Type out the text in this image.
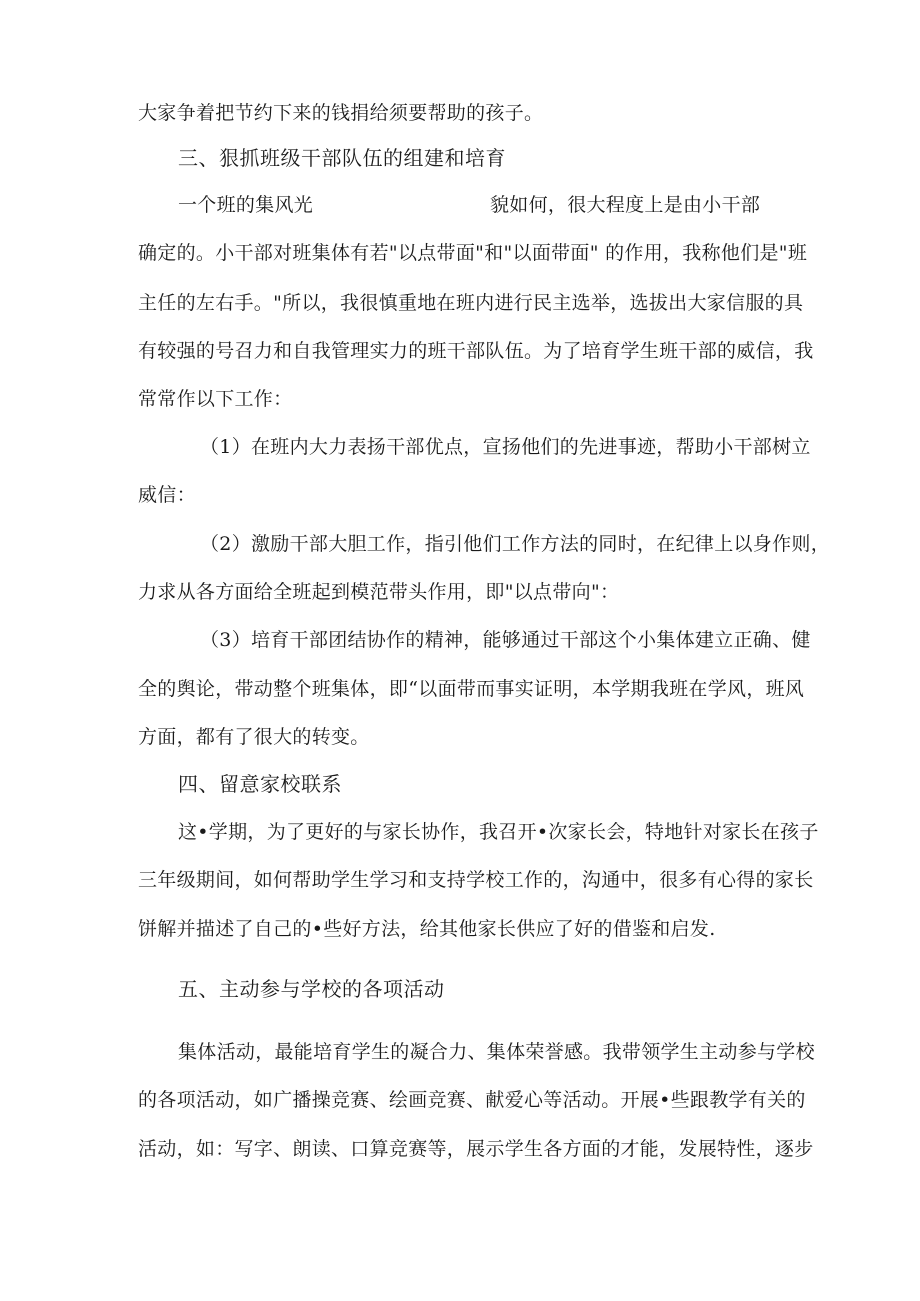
大家争着把节约下来的钱捐给须要帮助的孩子。
三、狠抓班级干部队伍的组建和培育
一个班的集风光	貌如何，很大程度上是由小干部
确定的。小干部对班集体有若"以点带面"和"以面带面" 的作用，我称他们是"班
主任的左右手。"所以，我很慎重地在班内进行民主选举，选拔出大家信服的具
有较强的号召力和自我管理实力的班干部队伍。为了培育学生班干部的威信，我
常常作以下工作：
（1）在班内大力表扬干部优点，宣扬他们的先进事迹，帮助小干部树立
威信：
（2）激励干部大胆工作，指引他们工作方法的同时，在纪律上以身作则，
力求从各方面给全班起到模范带头作用，即"以点带向"：
（3）培育干部团结协作的精神，能够通过干部这个小集体建立正确、健
全的舆论，带动整个班集体，即“以面带而事实证明，本学期我班在学风，班风
方面，都有了很大的转变。
四、留意家校联系
这•学期，为了更好的与家长协作，我召开•次家长会，特地针对家长在孩子
三年级期间，如何帮助学生学习和支持学校工作的，沟通中，很多有心得的家长
饼解并描述了自己的•些好方法，给其他家长供应了好的借鉴和启发.
五、主动参与学校的各项活动
集体活动，最能培育学生的凝合力、集体荣誉感。我带领学生主动参与学校
的各项活动，如广播操竞赛、绘画竞赛、献爱心等活动。开展•些跟教学有关的
活动，如：写字、朗读、口算竞赛等，展示学生各方面的才能，发展特性，逐步
